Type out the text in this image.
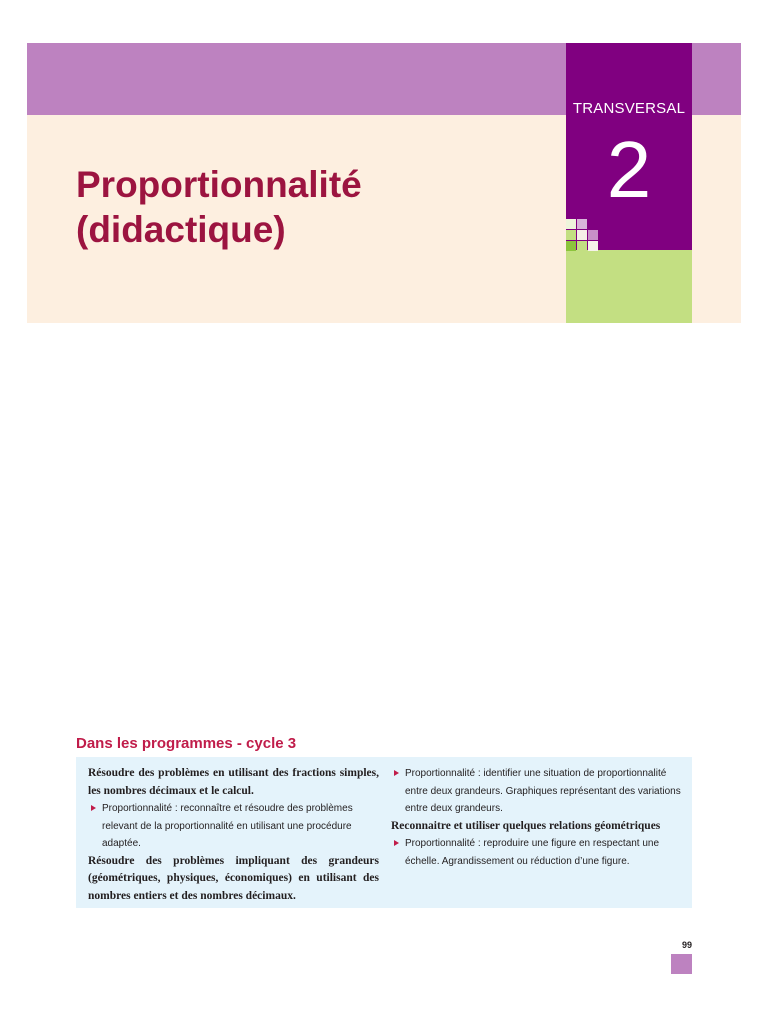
TRANSVERSAL
2
Proportionnalité
(didactique)
Dans les programmes - cycle 3
Résoudre des problèmes en utilisant des fractions simples, les nombres décimaux et le calcul.
Proportionnalité : reconnaître et résoudre des problèmes relevant de la proportionnalité en utilisant une procédure adaptée.
Résoudre des problèmes impliquant des grandeurs (géométriques, physiques, économiques) en utilisant des nombres entiers et des nombres décimaux.
Proportionnalité : identifier une situation de proportionnalité entre deux grandeurs. Graphiques représentant des variations entre deux grandeurs.
Reconnaitre et utiliser quelques relations géométriques
Proportionnalité : reproduire une figure en respectant une échelle. Agrandissement ou réduction d’une figure.
99
